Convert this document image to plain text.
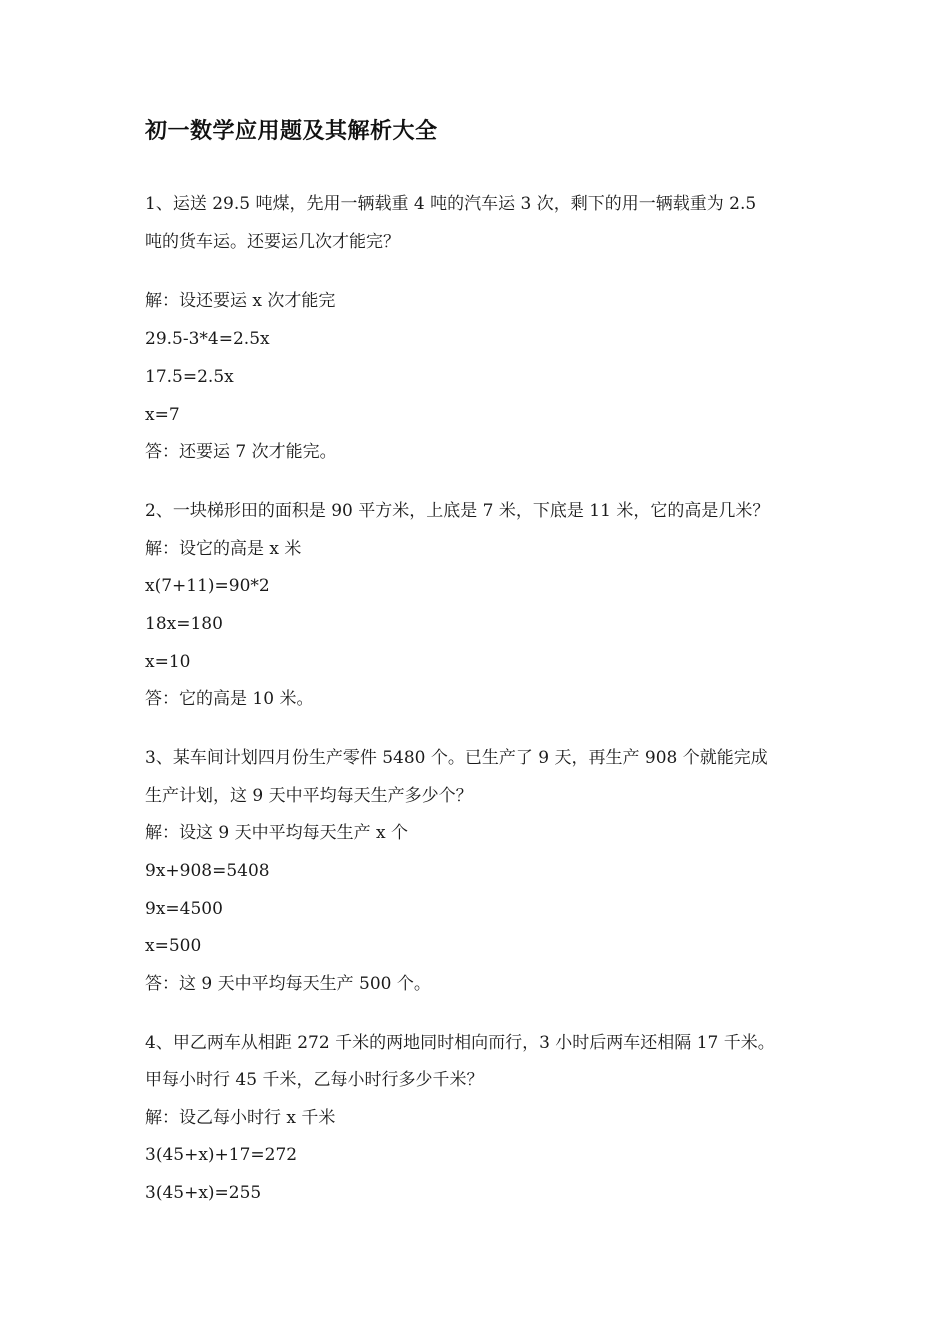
初一数学应用题及其解析大全
1、运送 29.5 吨煤，先用一辆载重 4 吨的汽车运 3 次，剩下的用一辆载重为 2.5
吨的货车运。还要运几次才能完？
解：设还要运 x 次才能完
29.5-3*4=2.5x
17.5=2.5x
x=7
答：还要运 7 次才能完。
2、一块梯形田的面积是 90 平方米，上底是 7 米，下底是 11 米，它的高是几米？
解：设它的高是 x 米
x(7+11)=90*2
18x=180
x=10
答：它的高是 10 米。
3、某车间计划四月份生产零件 5480 个。已生产了 9 天，再生产 908 个就能完成
生产计划，这 9 天中平均每天生产多少个？
解：设这 9 天中平均每天生产 x 个
9x+908=5408
9x=4500
x=500
答：这 9 天中平均每天生产 500 个。
4、甲乙两车从相距 272 千米的两地同时相向而行，3 小时后两车还相隔 17 千米。
甲每小时行 45 千米，乙每小时行多少千米？
解：设乙每小时行 x 千米
3(45+x)+17=272
3(45+x)=255
